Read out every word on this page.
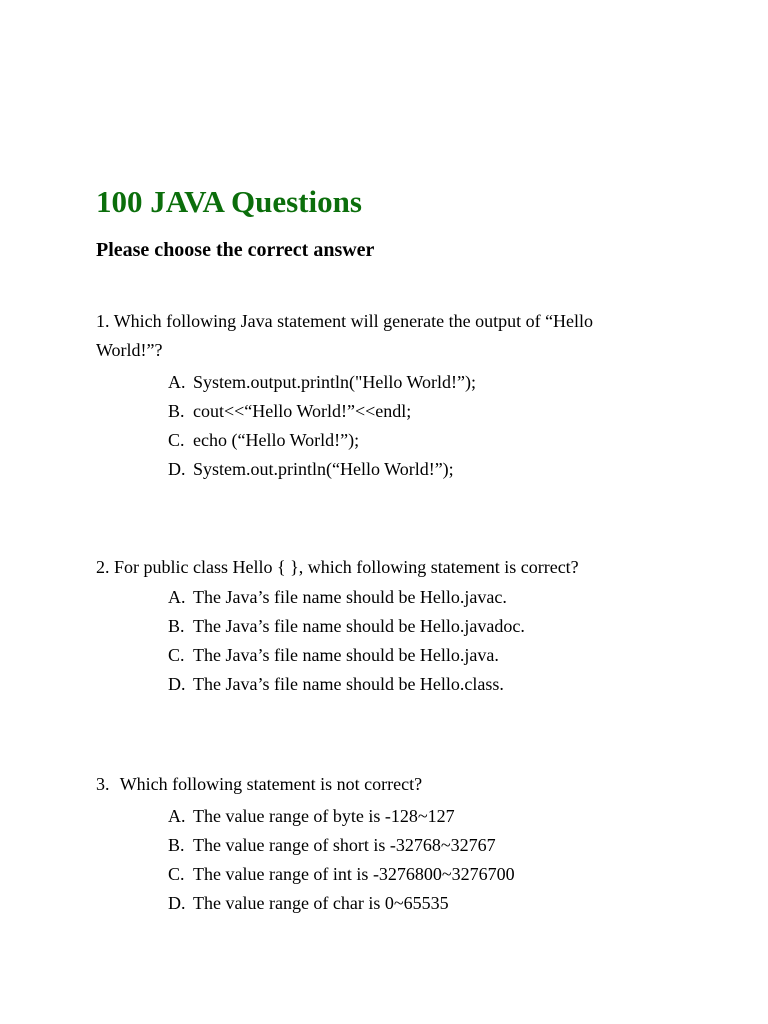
100 JAVA Questions
Please choose the correct answer

1. Which following Java statement will generate the output of “Hello World!”?

A. System.output.println("Hello World!”);
B. cout<<“Hello World!”<<endl;
C. echo (“Hello World!”);
D. System.out.println(“Hello World!”);

2. For public class Hello { }, which following statement is correct?

A. The Java’s file name should be Hello.javac.
B. The Java’s file name should be Hello.javadoc.
C. The Java’s file name should be Hello.java.
D. The Java’s file name should be Hello.class.

3. Which following statement is not correct?

A. The value range of byte is -128~127
B. The value range of short is -32768~32767
C. The value range of int is -3276800~3276700
D. The value range of char is 0~65535
